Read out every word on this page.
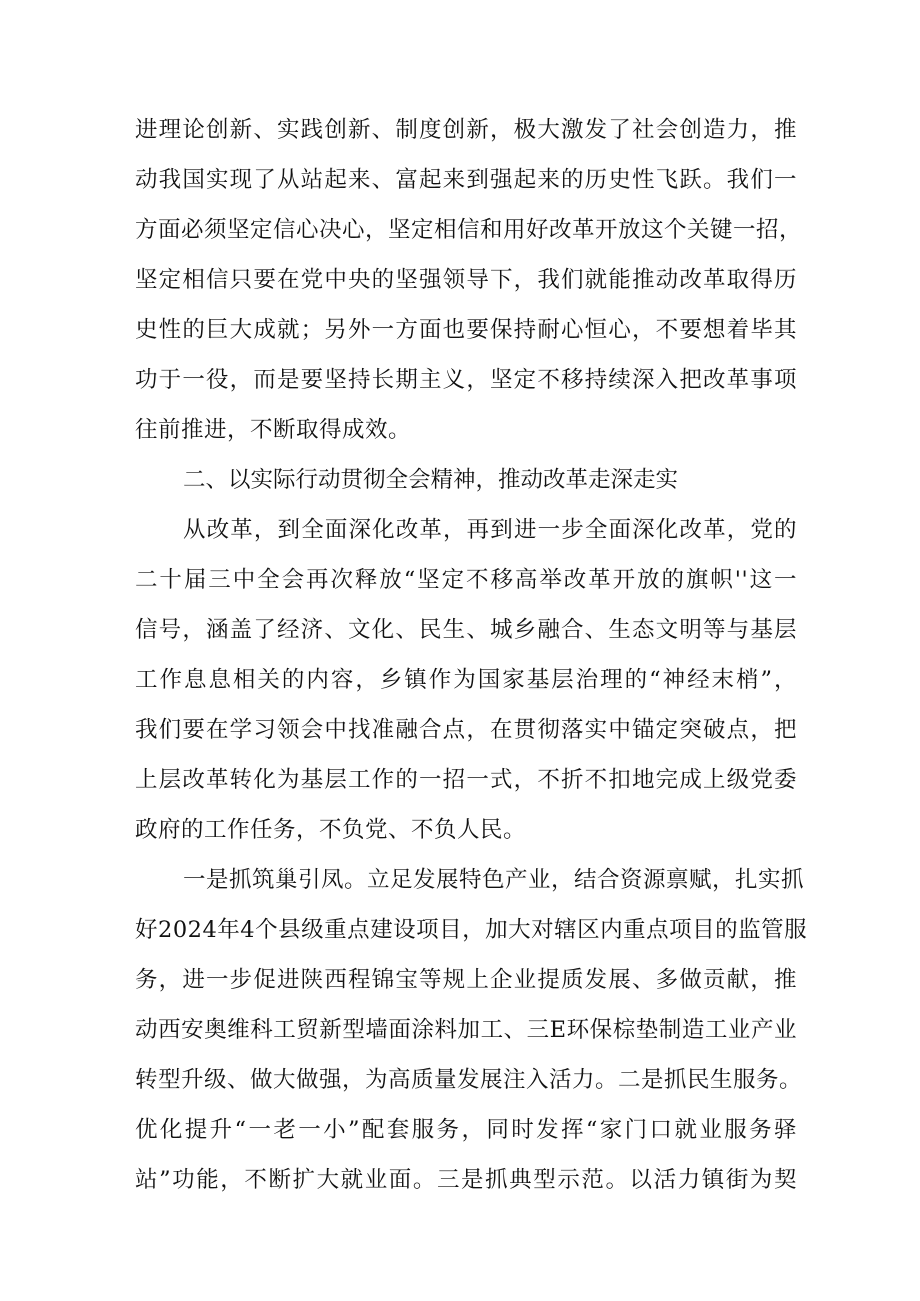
进理论创新、实践创新、制度创新，极大激发了社会创造力，推
动我国实现了从站起来、富起来到强起来的历史性飞跃。我们一
方面必须坚定信心决心，坚定相信和用好改革开放这个关键一招，
坚定相信只要在党中央的坚强领导下，我们就能推动改革取得历
史性的巨大成就；另外一方面也要保持耐心恒心，不要想着毕其
功于一役，而是要坚持长期主义，坚定不移持续深入把改革事项
往前推进，不断取得成效。
二、以实际行动贯彻全会精神，推动改革走深走实
从改革，到全面深化改革，再到进一步全面深化改革，党的
二十届三中全会再次释放“坚定不移高举改革开放的旗帜''这一
信号，涵盖了经济、文化、民生、城乡融合、生态文明等与基层
工作息息相关的内容，乡镇作为国家基层治理的“神经末梢”，
我们要在学习领会中找准融合点，在贯彻落实中锚定突破点，把
上层改革转化为基层工作的一招一式，不折不扣地完成上级党委
政府的工作任务，不负党、不负人民。
一是抓筑巢引凤。立足发展特色产业，结合资源禀赋，扎实抓
好2024年4个县级重点建设项目，加大对辖区内重点项目的监管服
务，进一步促进陕西程锦宝等规上企业提质发展、多做贡献，推
动西安奥维科工贸新型墙面涂料加工、三E环保棕垫制造工业产业
转型升级、做大做强，为高质量发展注入活力。二是抓民生服务。
优化提升“一老一小”配套服务，同时发挥“家门口就业服务驿
站”功能，不断扩大就业面。三是抓典型示范。以活力镇街为契
